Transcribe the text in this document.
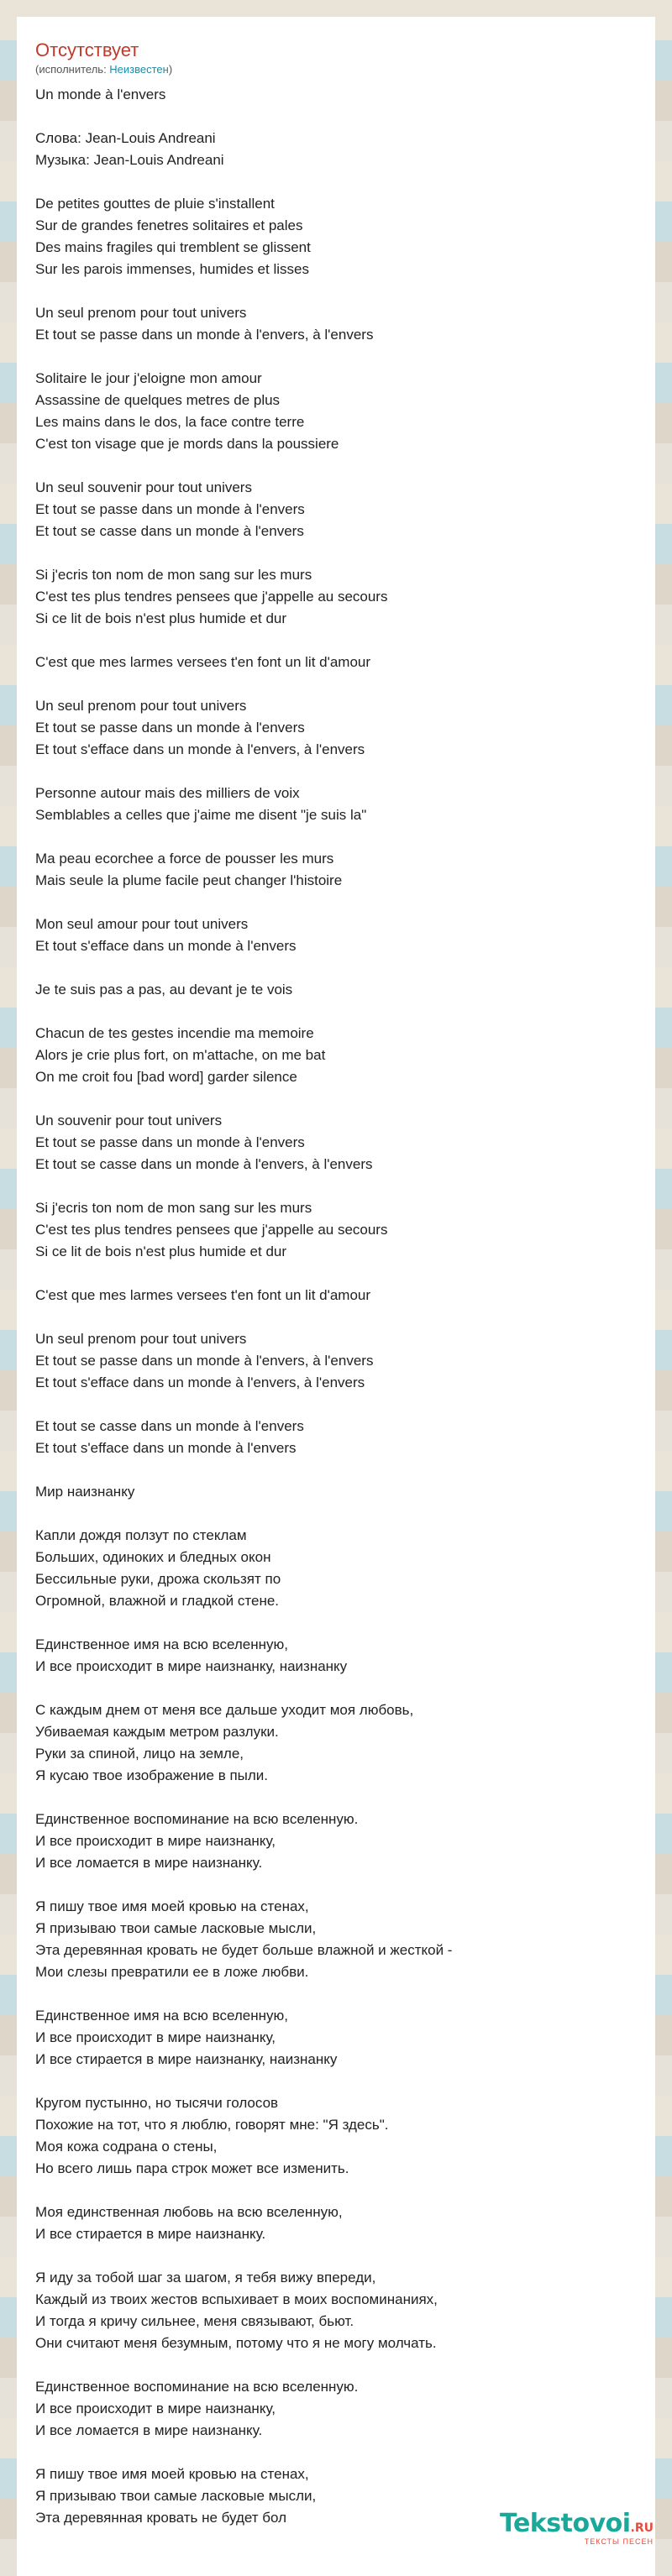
Отсутствует

(исполнитель: Неизвестен)

Un monde à l'envers

Слова: Jean-Louis Andreani
Музыка: Jean-Louis Andreani

De petites gouttes de pluie s'installent
Sur de grandes fenetres solitaires et pales
Des mains fragiles qui tremblent se glissent
Sur les parois immenses, humides et lisses

Un seul prenom pour tout univers
Et tout se passe dans un monde à l'envers, à l'envers

Solitaire le jour j'eloigne mon amour
Assassine de quelques metres de plus
Les mains dans le dos, la face contre terre
C'est ton visage que je mords dans la poussiere

Un seul souvenir pour tout univers
Et tout se passe dans un monde à l'envers
Et tout se casse dans un monde à l'envers

Si j'ecris ton nom de mon sang sur les murs
C'est tes plus tendres pensees que j'appelle au secours
Si ce lit de bois n'est plus humide et dur

C'est que mes larmes versees t'en font un lit d'amour

Un seul prenom pour tout univers
Et tout se passe dans un monde à l'envers
Et tout s'efface dans un monde à l'envers, à l'envers

Personne autour mais des milliers de voix
Semblables a celles que j'aime me disent "je suis la"

Ma peau ecorchee a force de pousser les murs
Mais seule la plume facile peut changer l'histoire

Mon seul amour pour tout univers
Et tout s'efface dans un monde à l'envers

Je te suis pas a pas, au devant je te vois

Chacun de tes gestes incendie ma memoire
Alors je crie plus fort, on m'attache, on me bat
On me croit fou [bad word] garder silence

Un souvenir pour tout univers
Et tout se passe dans un monde à l'envers
Et tout se casse dans un monde à l'envers, à l'envers

Si j'ecris ton nom de mon sang sur les murs
C'est tes plus tendres pensees que j'appelle au secours
Si ce lit de bois n'est plus humide et dur

C'est que mes larmes versees t'en font un lit d'amour

Un seul prenom pour tout univers
Et tout se passe dans un monde à l'envers, à l'envers
Et tout s'efface dans un monde à l'envers, à l'envers

Et tout se casse dans un monde à l'envers
Et tout s'efface dans un monde à l'envers

Мир наизнанку

Капли дождя ползут по стеклам
Больших, одиноких и бледных окон
Бессильные руки, дрожа скользят по
Огромной, влажной и гладкой стене.

Единственное имя на всю вселенную,
И все происходит в мире наизнанку, наизнанку

С каждым днем от меня все дальше уходит моя любовь,
Убиваемая каждым метром разлуки.
Руки за спиной, лицо на земле,
Я кусаю твое изображение в пыли.

Единственное воспоминание на всю вселенную.
И все происходит в мире наизнанку,
И все ломается в мире наизнанку.

Я пишу твое имя моей кровью на стенах,
Я призываю твои самые ласковые мысли,
Эта деревянная кровать не будет больше влажной и жесткой -
Мои слезы превратили ее в ложе любви.

Единственное имя на всю вселенную,
И все происходит в мире наизнанку,
И все стирается в мире наизнанку, наизнанку

Кругом пустынно, но тысячи голосов
Похожие на тот, что я люблю, говорят мне: "Я здесь".
Моя кожа содрана о стены,
Но всего лишь пара строк может все изменить.

Моя единственная любовь на всю вселенную,
И все стирается в мире наизнанку.

Я иду за тобой шаг за шагом, я тебя вижу впереди,
Каждый из твоих жестов вспыхивает в моих воспоминаниях,
И тогда я кричу сильнее, меня связывают, бьют.
Они считают меня безумным, потому что я не могу молчать.

Единственное воспоминание на всю вселенную.
И все происходит в мире наизнанку,
И все ломается в мире наизнанку.

Я пишу твое имя моей кровью на стенах,
Я призываю твои самые ласковые мысли,
Эта деревянная кровать не будет бол	Tekstovoi.RU
ТЕКСТЫ ПЕСЕН
